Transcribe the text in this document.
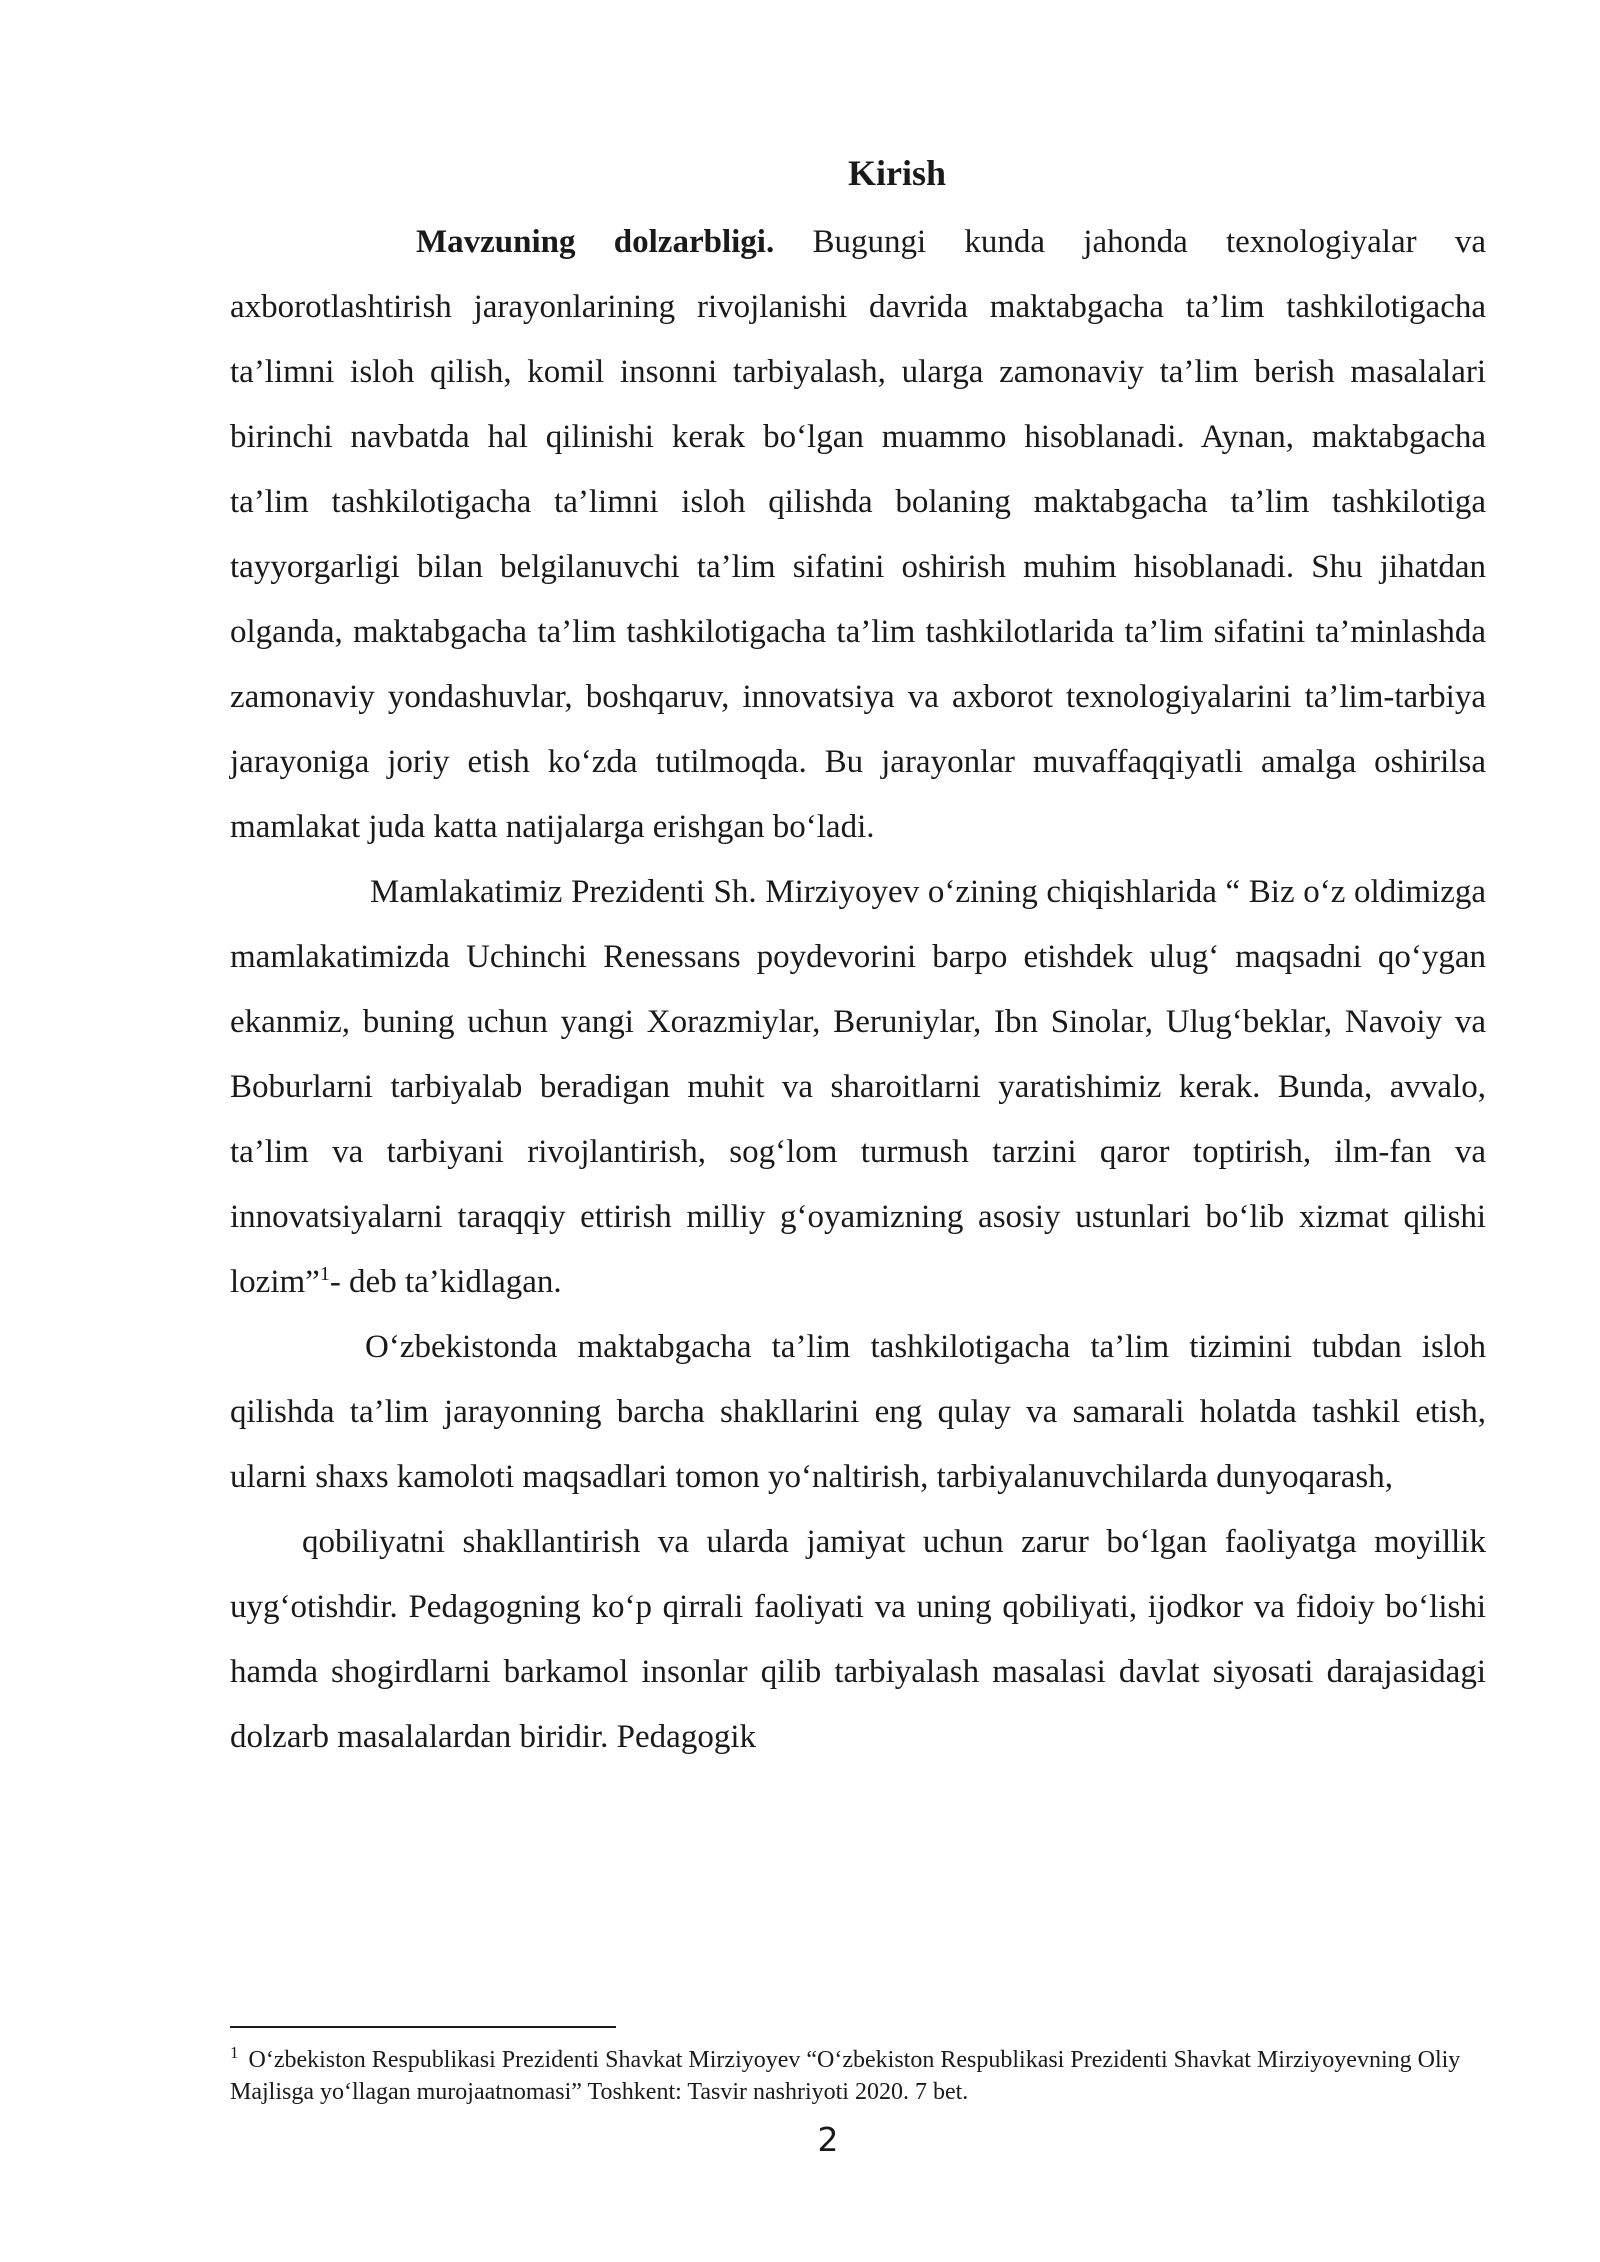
Kirish

Mavzuning dolzarbligi. Bugungi kunda jahonda texnologiyalar va axborotlashtirish jarayonlarining rivojlanishi davrida maktabgacha ta’lim tashkilotigacha ta’limni isloh qilish, komil insonni tarbiyalash, ularga zamonaviy ta’lim berish masalalari birinchi navbatda hal qilinishi kerak bo‘lgan muammo hisoblanadi. Aynan, maktabgacha ta’lim tashkilotigacha ta’limni isloh qilishda bolaning maktabgacha ta’lim tashkilotiga tayyorgarligi bilan belgilanuvchi ta’lim sifatini oshirish muhim hisoblanadi. Shu jihatdan olganda, maktabgacha ta’lim tashkilotigacha ta’lim tashkilotlarida ta’lim sifatini ta’minlashda zamonaviy yondashuvlar, boshqaruv, innovatsiya va axborot texnologiyalarini ta’lim-tarbiya jarayoniga joriy etish ko‘zda tutilmoqda. Bu jarayonlar muvaffaqqiyatli amalga oshirilsa mamlakat juda katta natijalarga erishgan bo‘ladi.

Mamlakatimiz Prezidenti Sh. Mirziyoyev o‘zining chiqishlarida “ Biz o‘z oldimizga mamlakatimizda Uchinchi Renessans poydevorini barpo etishdek ulug‘ maqsadni qo‘ygan ekanmiz, buning uchun yangi Xorazmiylar, Beruniylar, Ibn Sinolar, Ulug‘beklar, Navoiy va Boburlarni tarbiyalab beradigan muhit va sharoitlarni yaratishimiz kerak. Bunda, avvalo, ta’lim va tarbiyani rivojlantirish, sog‘lom turmush tarzini qaror toptirish, ilm-fan va innovatsiyalarni taraqqiy ettirish milliy g‘oyamizning asosiy ustunlari bo‘lib xizmat qilishi lozim”$^1$- deb ta’kidlagan.

O‘zbekistonda maktabgacha ta’lim tashkilotigacha ta’lim tizimini tubdan isloh qilishda ta’lim jarayonning barcha shakllarini eng qulay va samarali holatda tashkil etish, ularni shaxs kamoloti maqsadlari tomon yo‘naltirish, tarbiyalanuvchilarda dunyoqarash,

qobiliyatni shakllantirish va ularda jamiyat uchun zarur bo‘lgan faoliyatga moyillik uyg‘otishdir. Pedagogning ko‘p qirrali faoliyati va uning qobiliyati, ijodkor va fidoiy bo‘lishi hamda shogirdlarni barkamol insonlar qilib tarbiyalash masalasi davlat siyosati darajasidagi dolzarb masalalardan biridir. Pedagogik

$^1$ O‘zbekiston Respublikasi Prezidenti Shavkat Mirziyoyev “O‘zbekiston Respublikasi Prezidenti Shavkat Mirziyoyevning Oliy Majlisga yo‘llagan murojaatnomasi” Toshkent: Tasvir nashriyoti 2020. 7 bet.
2
